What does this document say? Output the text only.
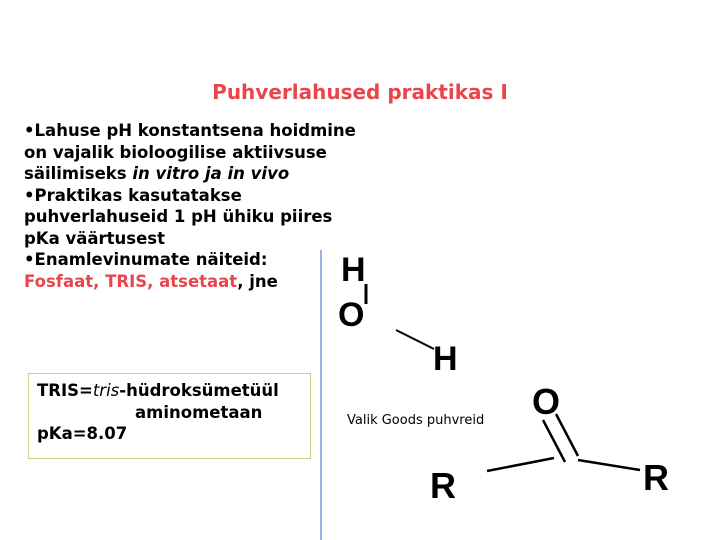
Puhverlahused praktikas I

•Lahuse pH konstantsena hoidmine on vajalik bioloogilise aktiivsuse säilimiseks in vitro ja in vivo

•Praktikas kasutatakse puhverlahuseid 1 pH ühiku piires pKa väärtusest

•Enamlevinumate näiteid:

Fosfaat, TRIS, atsetaat, jne

TRIS=tris-hüdroksümetüül
aminometaan
pKa=8.07
Valik Goods puhvreid
H
O
H
O
R	R
